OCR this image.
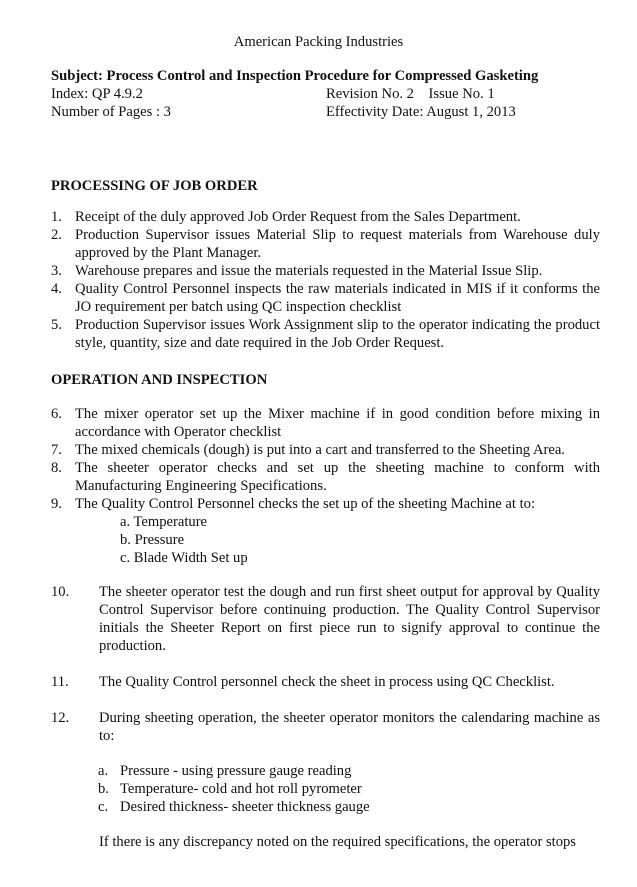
American Packing Industries
Subject: Process Control and Inspection Procedure for Compressed Gasketing
Index: QP 4.9.2	Revision No. 2    Issue No. 1
Number of Pages : 3	Effectivity Date: August 1, 2013
PROCESSING OF JOB ORDER
1. Receipt of the duly approved Job Order Request from the Sales Department.
2. Production Supervisor issues Material Slip to request materials from Warehouse duly approved by the Plant Manager.
3. Warehouse prepares and issue the materials requested in the Material Issue Slip.
4. Quality Control Personnel inspects the raw materials indicated in MIS if it conforms the JO requirement per batch using QC inspection checklist
5. Production Supervisor issues Work Assignment slip to the operator indicating the product style, quantity, size and date required in the Job Order Request.
OPERATION AND INSPECTION
6. The mixer operator set up the Mixer machine if in good condition before mixing in accordance with Operator checklist
7. The mixed chemicals (dough) is put into a cart and transferred to the Sheeting Area.
8. The sheeter operator checks and set up the sheeting machine to conform with Manufacturing Engineering Specifications.
9. The Quality Control Personnel checks the set up of the sheeting Machine at to:
a. Temperature
b. Pressure
c. Blade Width Set up
10. The sheeter operator test the dough and run first sheet output for approval by Quality Control Supervisor before continuing production. The Quality Control Supervisor initials the Sheeter Report on first piece run to signify approval to continue the production.
11. The Quality Control personnel check the sheet in process using QC Checklist.
12. During sheeting operation, the sheeter operator monitors the calendaring machine as to:
a. Pressure - using pressure gauge reading
b. Temperature- cold and hot roll pyrometer
c. Desired thickness- sheeter thickness gauge
If there is any discrepancy noted on the required specifications, the operator stops
